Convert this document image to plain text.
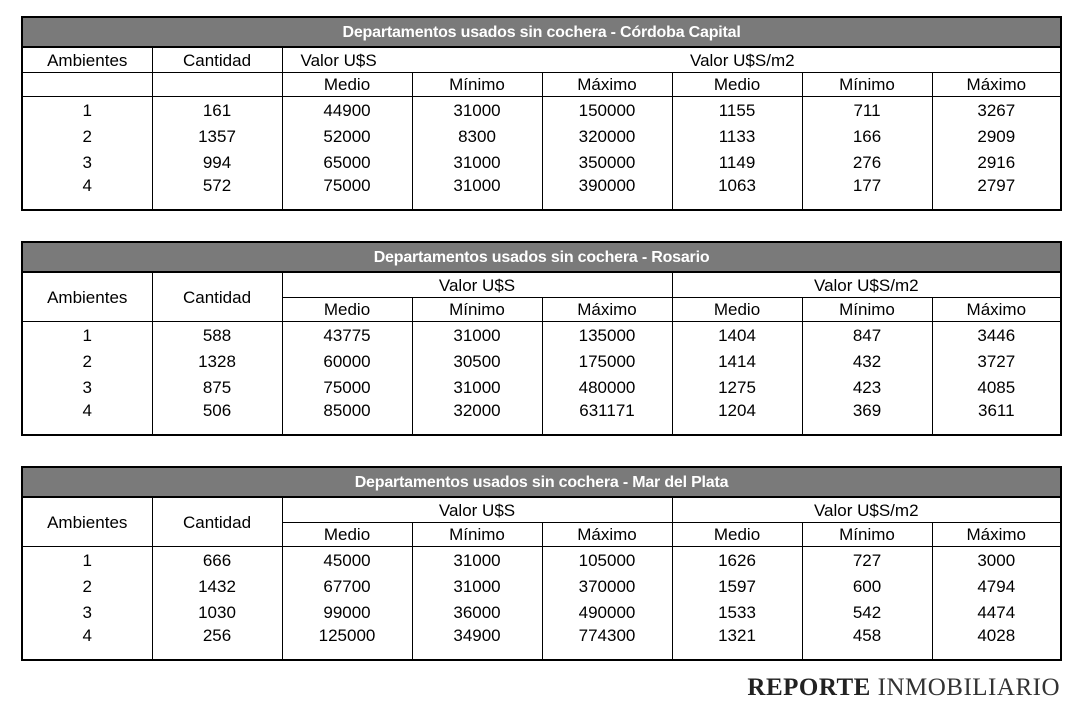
Departamentos usados sin cochera - Córdoba Capital							
Ambientes	Cantidad	Valor U$S			Valor U$S/m2		
		Medio	Mínimo	Máximo	Medio	Mínimo	Máximo
1	161	44900	31000	150000	1155	711	3267
2	1357	52000	8300	320000	1133	166	2909
3	994	65000	31000	350000	1149	276	2916
4	572	75000	31000	390000	1063	177	2797
Departamentos usados sin cochera - Rosario							
Ambientes	Cantidad	Valor U$S			Valor U$S/m2		
		Medio	Mínimo	Máximo	Medio	Mínimo	Máximo
1	588	43775	31000	135000	1404	847	3446
2	1328	60000	30500	175000	1414	432	3727
3	875	75000	31000	480000	1275	423	4085
4	506	85000	32000	631171	1204	369	3611
Departamentos usados sin cochera - Mar del Plata							
Ambientes	Cantidad	Valor U$S			Valor U$S/m2		
		Medio	Mínimo	Máximo	Medio	Mínimo	Máximo
1	666	45000	31000	105000	1626	727	3000
2	1432	67700	31000	370000	1597	600	4794
3	1030	99000	36000	490000	1533	542	4474
4	256	125000	34900	774300	1321	458	4028
REPORTE INMOBILIARIO
